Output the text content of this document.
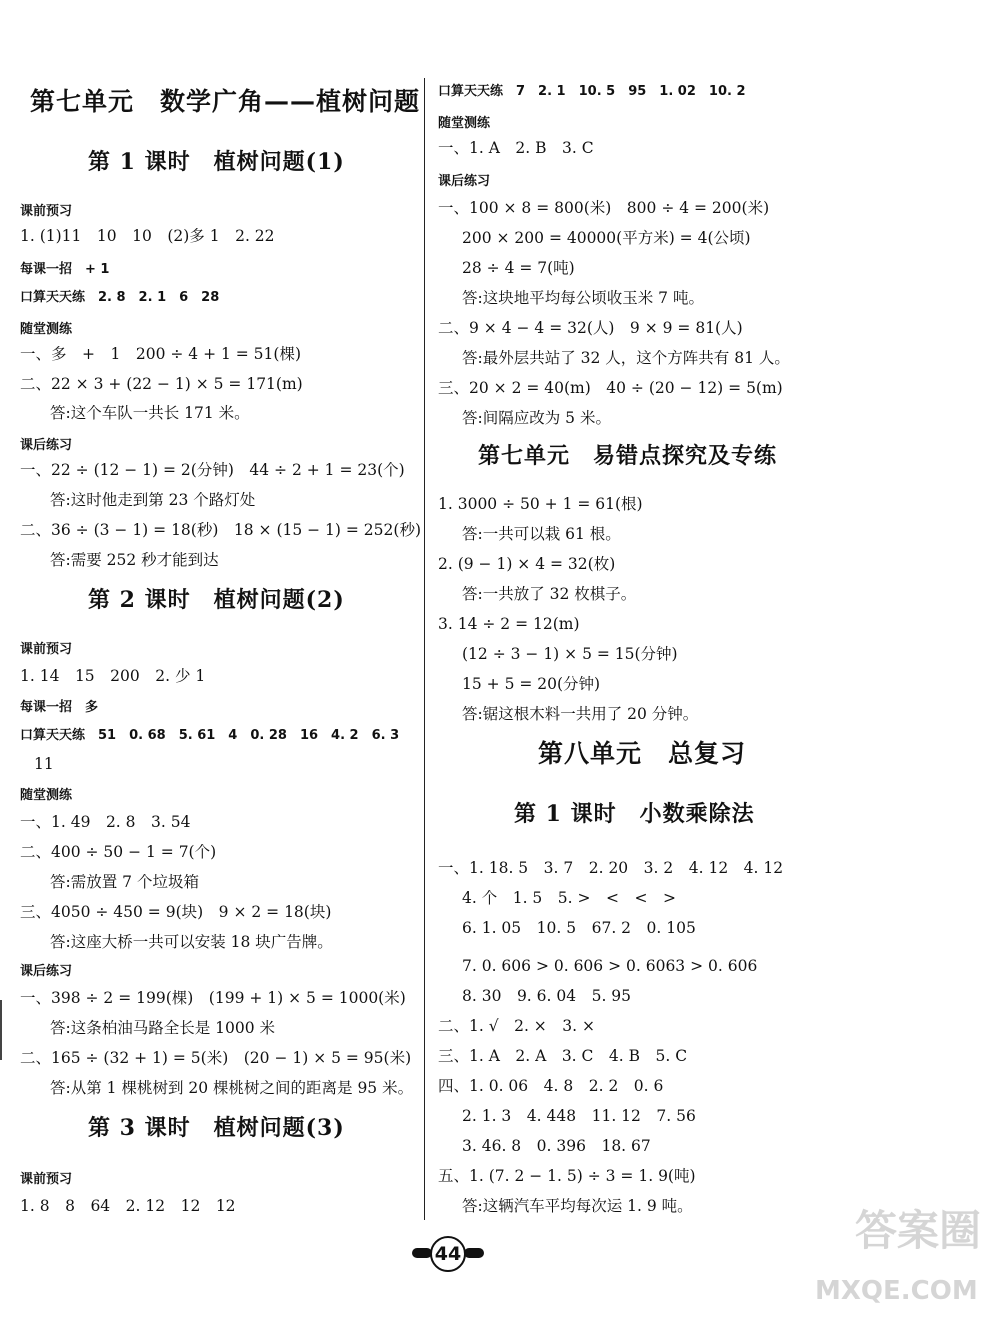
第七单元　数学广角——植树问题
第 1 课时　植树问题(1)
课前预习
1. (1)11　10　10　(2)多 1　2. 22
每课一招　+ 1
口算天天练　2. 8　2. 1　6　28
随堂测练
一、多　+　1　200 ÷ 4 + 1 = 51(棵)
二、22 × 3 + (22 − 1) × 5 = 171(m)
答:这个车队一共长 171 米。
课后练习
一、22 ÷ (12 − 1) = 2(分钟)　44 ÷ 2 + 1 = 23(个)
答:这时他走到第 23 个路灯处
二、36 ÷ (3 − 1) = 18(秒)　18 × (15 − 1) = 252(秒)
答:需要 252 秒才能到达
第 2 课时　植树问题(2)
课前预习
1. 14　15　200　2. 少 1
每课一招　多
口算天天练　51　0. 68　5. 61　4　0. 28　16　4. 2　6. 3
11
随堂测练
一、1. 49　2. 8　3. 54
二、400 ÷ 50 − 1 = 7(个)
答:需放置 7 个垃圾箱
三、4050 ÷ 450 = 9(块)　9 × 2 = 18(块)
答:这座大桥一共可以安装 18 块广告牌。
课后练习
一、398 ÷ 2 = 199(棵)　(199 + 1) × 5 = 1000(米)
答:这条柏油马路全长是 1000 米
二、165 ÷ (32 + 1) = 5(米)　(20 − 1) × 5 = 95(米)
答:从第 1 棵桃树到 20 棵桃树之间的距离是 95 米。
第 3 课时　植树问题(3)
课前预习
1. 8　8　64　2. 12　12　12
口算天天练　7　2. 1　10. 5　95　1. 02　10. 2
随堂测练
一、1. A　2. B　3. C
课后练习
一、100 × 8 = 800(米)　800 ÷ 4 = 200(米)
200 × 200 = 40000(平方米) = 4(公顷)
28 ÷ 4 = 7(吨)
答:这块地平均每公顷收玉米 7 吨。
二、9 × 4 − 4 = 32(人)　9 × 9 = 81(人)
答:最外层共站了 32 人，这个方阵共有 81 人。
三、20 × 2 = 40(m)　40 ÷ (20 − 12) = 5(m)
答:间隔应改为 5 米。
第七单元　易错点探究及专练
1. 3000 ÷ 50 + 1 = 61(根)
答:一共可以栽 61 根。
2. (9 − 1) × 4 = 32(枚)
答:一共放了 32 枚棋子。
3. 14 ÷ 2 = 12(m)
(12 ÷ 3 − 1) × 5 = 15(分钟)
15 + 5 = 20(分钟)
答:锯这根木料一共用了 20 分钟。
第八单元　总复习
第 1 课时　小数乘除法
一、1. 18. 5　3. 7　2. 20　3. 2　4. 12　4. 12
4. 个　1. 5　5. >　<　<　>
6. 1. 05　10. 5　67. 2　0. 105
7. 0. 606 > 0. 606 > 0. 6063 > 0. 606
8. 30　9. 6. 04　5. 95
二、1. √　2. ×　3. ×
三、1. A　2. A　3. C　4. B　5. C
四、1. 0. 06　4. 8　2. 2　0. 6
2. 1. 3　4. 448　11. 12　7. 56
3. 46. 8　0. 396　18. 67
五、1. (7. 2 − 1. 5) ÷ 3 = 1. 9(吨)
答:这辆汽车平均每次运 1. 9 吨。
44	答案圈
MXQE.COM
